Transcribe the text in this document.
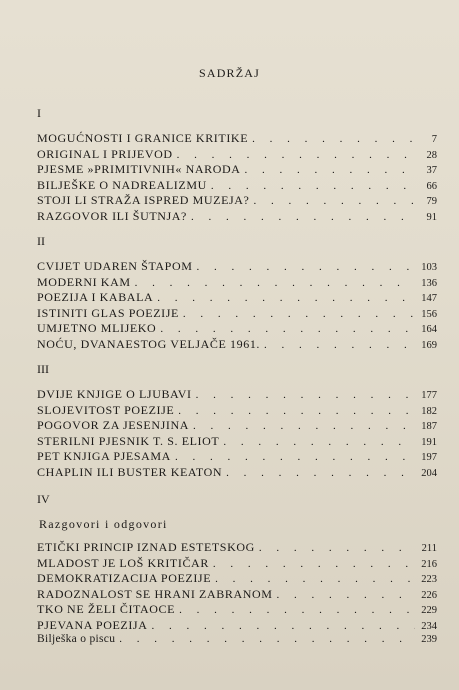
SADRŽAJ
I
MOGUĆNOSTI I GRANICE KRITIKE . . .	7
ORIGINAL I PRIJEVOD . . .	28
PJESME »PRIMITIVNIH« NARODA . . .	37
BILJEŠKE O NADREALIZMU . . .	66
STOJI LI STRAŽA ISPRED MUZEJA? . . .	79
RAZGOVOR ILI ŠUTNJA? . . .	91
II
CVIJET UDAREN ŠTAPOM . . .	103
MODERNI KAM . . .	136
POEZIJA I KABALA . . .	147
ISTINITI GLAS POEZIJE . . .	156
UMJETNO MLIJEKO . . .	164
NOĆU, DVANAESTOG VELJAČE 1961. . . .	169
III
DVIJE KNJIGE O LJUBAVI . . .	177
SLOJEVITOST POEZIJE . . .	182
POGOVOR ZA JESENJINA . . .	187
STERILNI PJESNIK T. S. ELIOT . . .	191
PET KNJIGA PJESAMA . . .	197
CHAPLIN ILI BUSTER KEATON . . .	204
IV
Razgovori i odgovori
ETIČKI PRINCIP IZNAD ESTETSKOG . . .	211
MLADOST JE LOŠ KRITIČAR . . .	216
DEMOKRATIZACIJA POEZIJE . . .	223
RADOZNALOST SE HRANI ZABRANOM . . .	226
TKO NE ŽELI ČITAOCE . . .	229
PJEVANA POEZIJA . . .	234
Bilješka o piscu . . .	239
